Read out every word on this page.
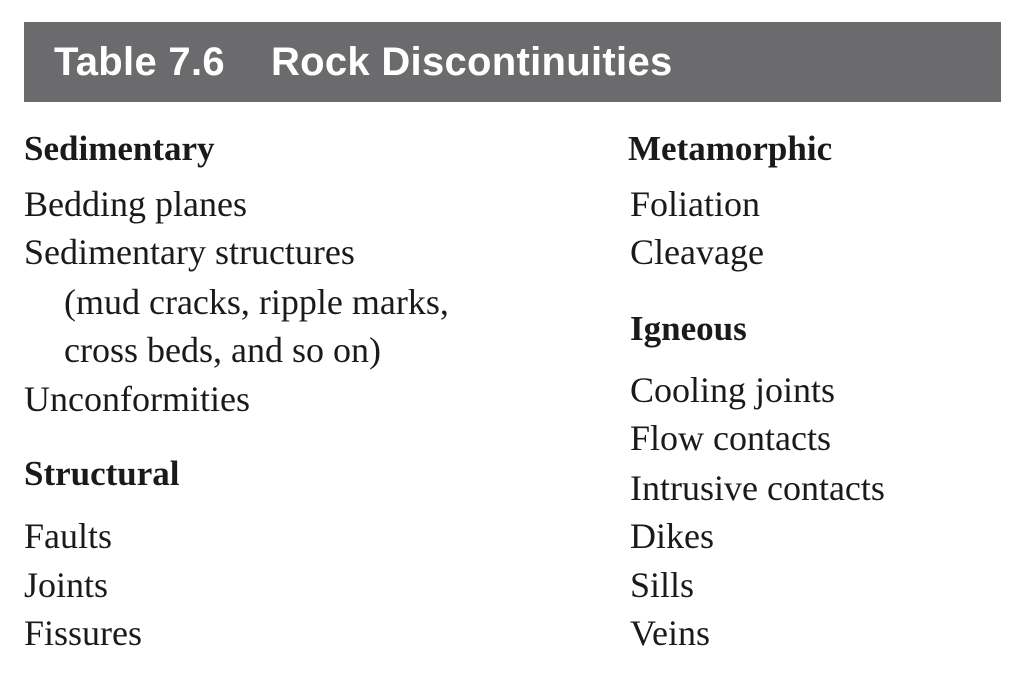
Table 7.6 Rock Discontinuities
Sedimentary
Bedding planes
Sedimentary structures
(mud cracks, ripple marks,
cross beds, and so on)
Unconformities
Structural
Faults
Joints
Fissures
Metamorphic
Foliation
Cleavage
Igneous
Cooling joints
Flow contacts
Intrusive contacts
Dikes
Sills
Veins
